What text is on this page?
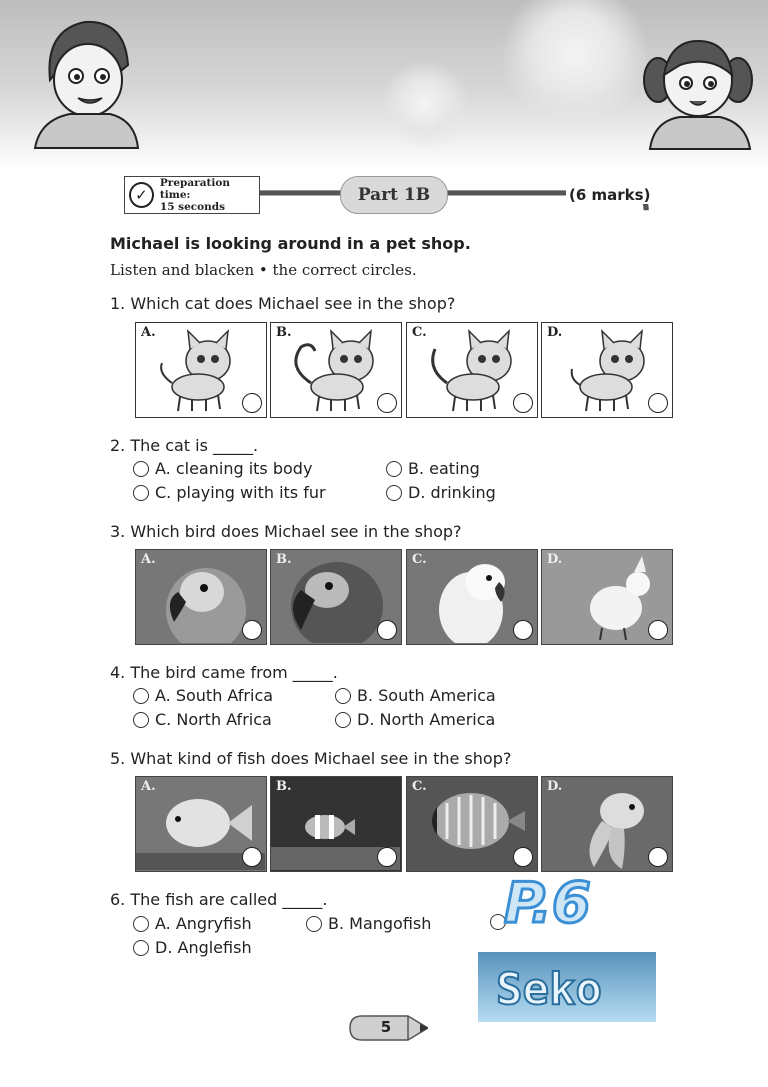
✓
Preparation time:
15 seconds
Part 1B	(6 marks)
Michael is looking around in a pet shop.
Listen and blacken • the correct circles.
1. Which cat does Michael see in the shop?
A.	B.	C.	D.
2. The cat is _____.
A. cleaning its body	B. eating
C. playing with its fur	D. drinking
3. Which bird does Michael see in the shop?
A.	B.	C.	D.
4. The bird came from _____.
A. South Africa	B. South America
C. North Africa	D. North America
5. What kind of fish does Michael see in the shop?
A.	B.	C.	D.
6. The fish are called _____.
A. Angryfish	B. Mangofish
D. Anglefish
P.6
Seko
5
